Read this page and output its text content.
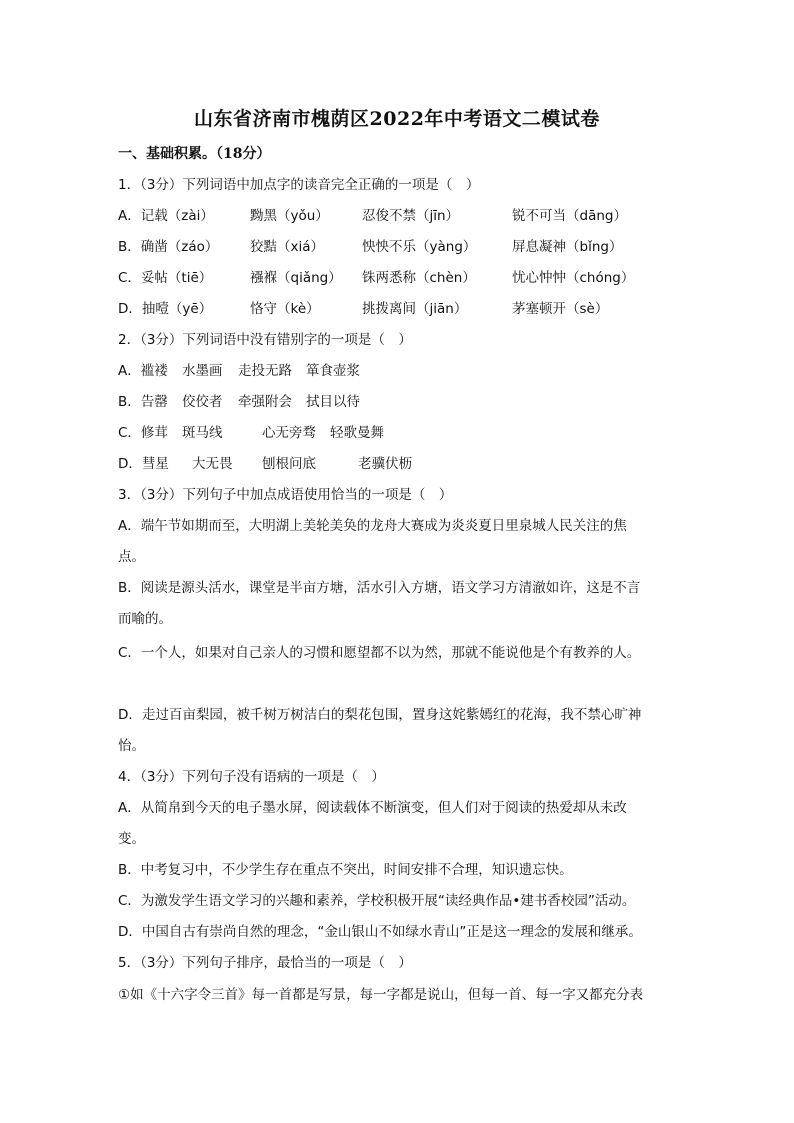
山东省济南市槐荫区2022年中考语文二模试卷
一、基础积累。（18分）
1．（3分）下列词语中加点字的读音完全正确的一项是（　）
A．记载（zài）	黝黑（yǒu） 忍俊不禁（jīn）	锐不可当（dāng）
B．确凿（záo） 狡黠（xiá）	怏怏不乐（yàng）	屏息凝神（bǐng）
C．妥帖（tiē）	襁褓（qiǎng） 铢两悉称（chèn）	忧心忡忡（chóng）
D．抽噎（yē）	恪守（kè）	挑拨离间（jiān）	茅塞顿开（sè）
2．（3分）下列词语中没有错别字的一项是（　）
A．褴褛 水墨画 走投无路 箪食壶浆
B．告罄 佼佼者 牵强附会 拭目以待
C．修茸 斑马线	心无旁骛 轻歌曼舞
D．彗星 大无畏 刨根问底	老骥伏枥
3．（3分）下列句子中加点成语使用恰当的一项是（　）
A．端午节如期而至，大明湖上美轮美奂的龙舟大赛成为炎炎夏日里泉城人民关注的焦
点。
B．阅读是源头活水，课堂是半亩方塘，活水引入方塘，语文学习方清澈如许，这是不言
而喻的。
C．一个人，如果对自己亲人的习惯和愿望都不以为然，那就不能说他是个有教养的人。
D．走过百亩梨园，被千树万树洁白的梨花包围，置身这姹紫嫣红的花海，我不禁心旷神
怡。
4．（3分）下列句子没有语病的一项是（　）
A．从简帛到今天的电子墨水屏，阅读载体不断演变，但人们对于阅读的热爱却从未改
变。
B．中考复习中，不少学生存在重点不突出，时间安排不合理，知识遗忘快。
C．为激发学生语文学习的兴趣和素养，学校积极开展“读经典作品•建书香校园”活动。
D．中国自古有崇尚自然的理念，“金山银山不如绿水青山”正是这一理念的发展和继承。
5．（3分）下列句子排序，最恰当的一项是（　）
①如《十六字令三首》每一首都是写景，每一字都是说山，但每一首、每一字又都充分表
